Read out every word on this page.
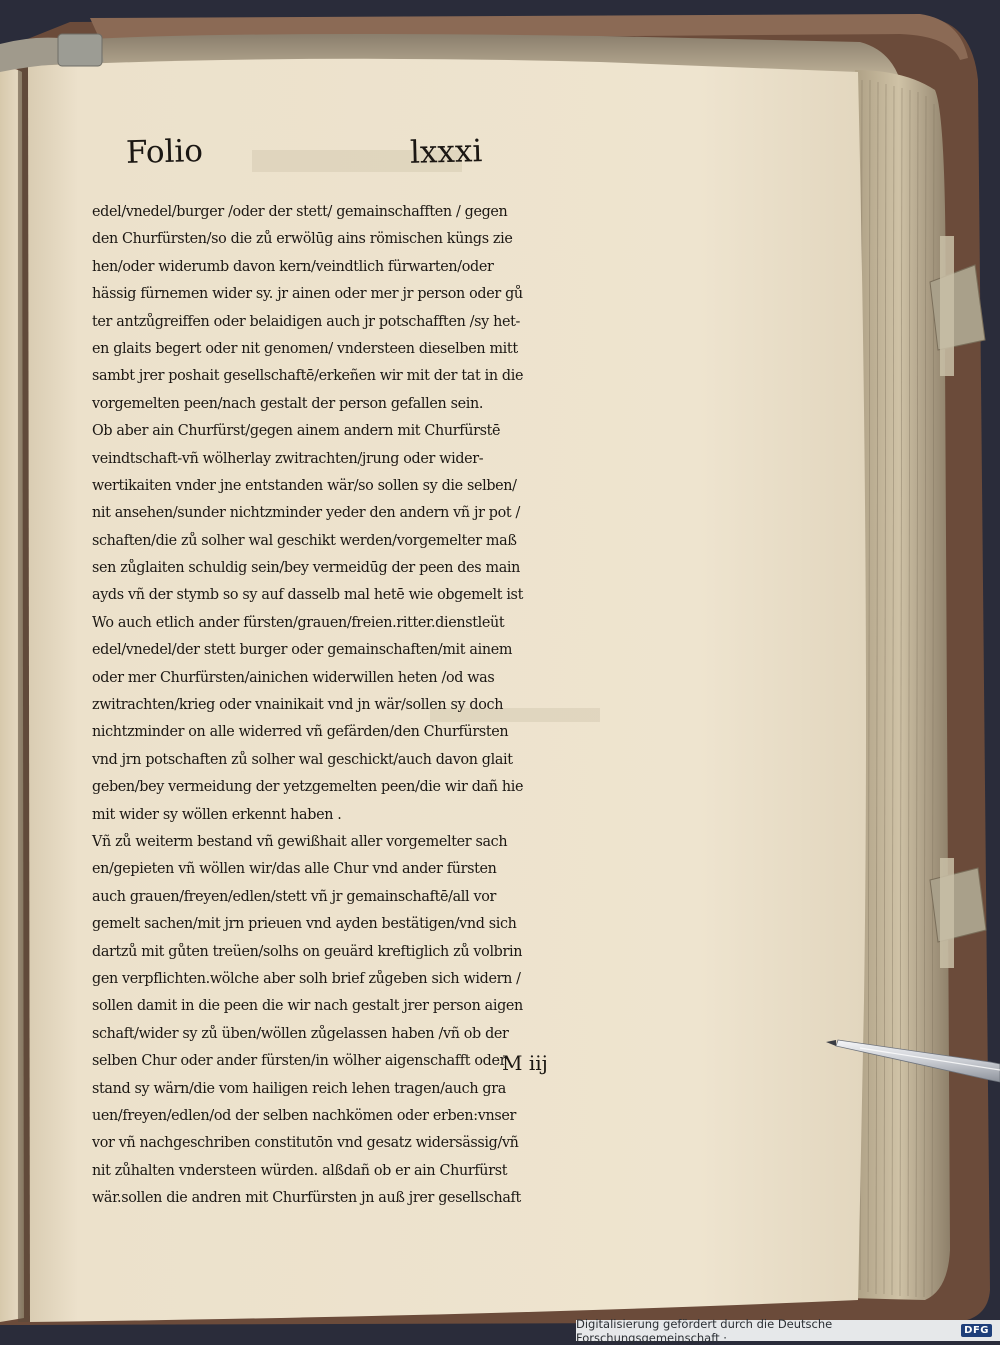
Folio	lxxxi
edel/vnedel/burger /oder der stett/ gemainschafften / gegen
den Churfürsten/so die zů erwölūg ains römischen küngs zie
hen/oder widerumb davon kern/veindtlich fürwarten/oder
hässig fürnemen wider sy. jr ainen oder mer jr person oder gů
ter antzůgreiffen oder belaidigen auch jr potschafften /sy het-
en glaits begert oder nit genomen/ vndersteen dieselben mitt
sambt jrer poshait gesellschaftē/erkeñen wir mit der tat in die
vorgemelten peen/nach gestalt der person gefallen sein.
Ob aber ain Churfürst/gegen ainem andern mit Churfürstē
veindtschaft-vñ wölherlay zwitrachten/jrung oder wider-
wertikaiten vnder jne entstanden wär/so sollen sy die selben/
nit ansehen/sunder nichtzminder yeder den andern vñ jr pot /
schaften/die zů solher wal geschikt werden/vorgemelter maß
sen zůglaiten schuldig sein/bey vermeidūg der peen des main
ayds vñ der stymb so sy auf dasselb mal hetē wie obgemelt ist
Wo auch etlich ander fürsten/grauen/freien.ritter.dienstleüt
edel/vnedel/der stett burger oder gemainschaften/mit ainem
oder mer Churfürsten/ainichen widerwillen heten /od was
zwitrachten/krieg oder vnainikait vnd jn wär/sollen sy doch
nichtzminder on alle widerred vñ gefärden/den Churfürsten
vnd jrn potschaften zů solher wal geschickt/auch davon glait
geben/bey vermeidung der yetzgemelten peen/die wir dañ hie
mit wider sy wöllen erkennt haben .
Vñ zů weiterm bestand vñ gewißhait aller vorgemelter sach
en/gepieten vñ wöllen wir/das alle Chur vnd ander fürsten
auch grauen/freyen/edlen/stett vñ jr gemainschaftē/all vor
gemelt sachen/mit jrn prieuen vnd ayden bestätigen/vnd sich
dartzů mit gůten treüen/solhs on geuärd kreftiglich zů volbrin
gen verpflichten.wölche aber solh brief zůgeben sich widern /
sollen damit in die peen die wir nach gestalt jrer person aigen
schaft/wider sy zů üben/wöllen zůgelassen haben /vñ ob der
selben Chur oder ander fürsten/in wölher aigenschafft oder
stand sy wärn/die vom hailigen reich lehen tragen/auch gra
uen/freyen/edlen/od der selben nachkömen oder erben:vnser
vor vñ nachgeschriben constitutōn vnd gesatz widersässig/vñ
nit zůhalten vndersteen würden. alßdañ ob er ain Churfürst
wär.sollen die andren mit Churfürsten jn auß jrer gesellschaft
M iij
Digitalisierung gefördert durch die Deutsche Forschungsgemeinschaft ·	DFG
